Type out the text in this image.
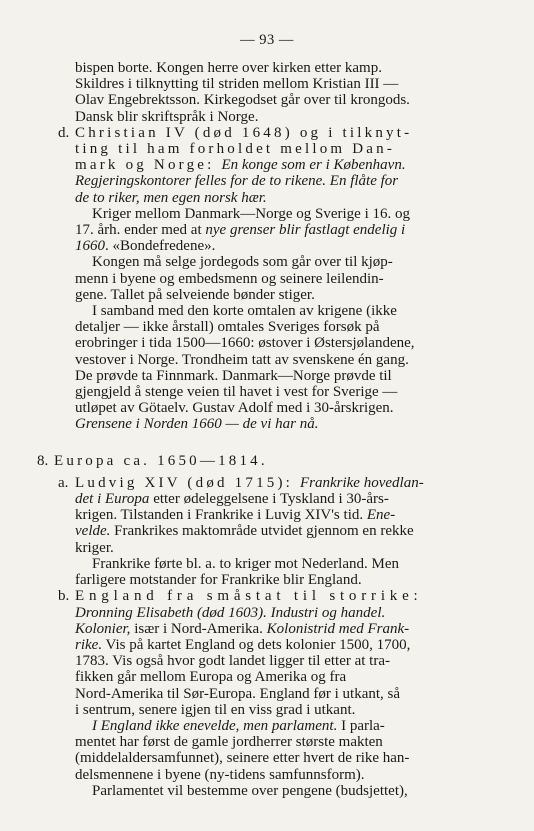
— 93 —

bispen borte. Kongen herre over kirken etter kamp.

Skildres i tilknytting til striden mellom Kristian III —

Olav Engebrektsson. Kirkegodset går over til krongods.

Dansk blir skriftspråk i Norge.

d. Christian IV (død 1648) og i tilknyt-

ting til ham forholdet mellom Dan-

mark og Norge: En konge som er i København.

Regjeringskontorer felles for de to rikene. En flåte for

de to riker, men egen norsk hær.

Kriger mellom Danmark—Norge og Sverige i 16. og

17. årh. ender med at nye grenser blir fastlagt endelig i

1660. «Bondefredene».

Kongen må selge jordegods som går over til kjøp-

menn i byene og embedsmenn og seinere leilendin-

gene. Tallet på selveiende bønder stiger.

I samband med den korte omtalen av krigene (ikke

detaljer — ikke årstall) omtales Sveriges forsøk på

erobringer i tida 1500—1660: østover i Østersjølandene,

vestover i Norge. Trondheim tatt av svenskene én gang.

De prøvde ta Finnmark. Danmark—Norge prøvde til

gjengjeld å stenge veien til havet i vest for Sverige —

utløpet av Götaelv. Gustav Adolf med i 30-årskrigen.

Grensene i Norden 1660 — de vi har nå.

8. Europa ca. 1650—1814.

a. Ludvig XIV (død 1715): Frankrike hovedlan-

det i Europa etter ødeleggelsene i Tyskland i 30-års-

krigen. Tilstanden i Frankrike i Luvig XIV's tid. Ene-

velde. Frankrikes maktområde utvidet gjennom en rekke

kriger.

Frankrike førte bl. a. to kriger mot Nederland. Men

farligere motstander for Frankrike blir England.

b. England fra småstat til storrike:

Dronning Elisabeth (død 1603). Industri og handel.

Kolonier, især i Nord-Amerika. Kolonistrid med Frank-

rike. Vis på kartet England og dets kolonier 1500, 1700,

1783. Vis også hvor godt landet ligger til etter at tra-

fikken går mellom Europa og Amerika og fra

Nord-Amerika til Sør-Europa. England før i utkant, så

i sentrum, senere igjen til en viss grad i utkant.

I England ikke enevelde, men parlament. I parla-

mentet har først de gamle jordherrer største makten

(middelaldersamfunnet), seinere etter hvert de rike han-

delsmennene i byene (ny-tidens samfunnsform).

Parlamentet vil bestemme over pengene (budsjettet),
